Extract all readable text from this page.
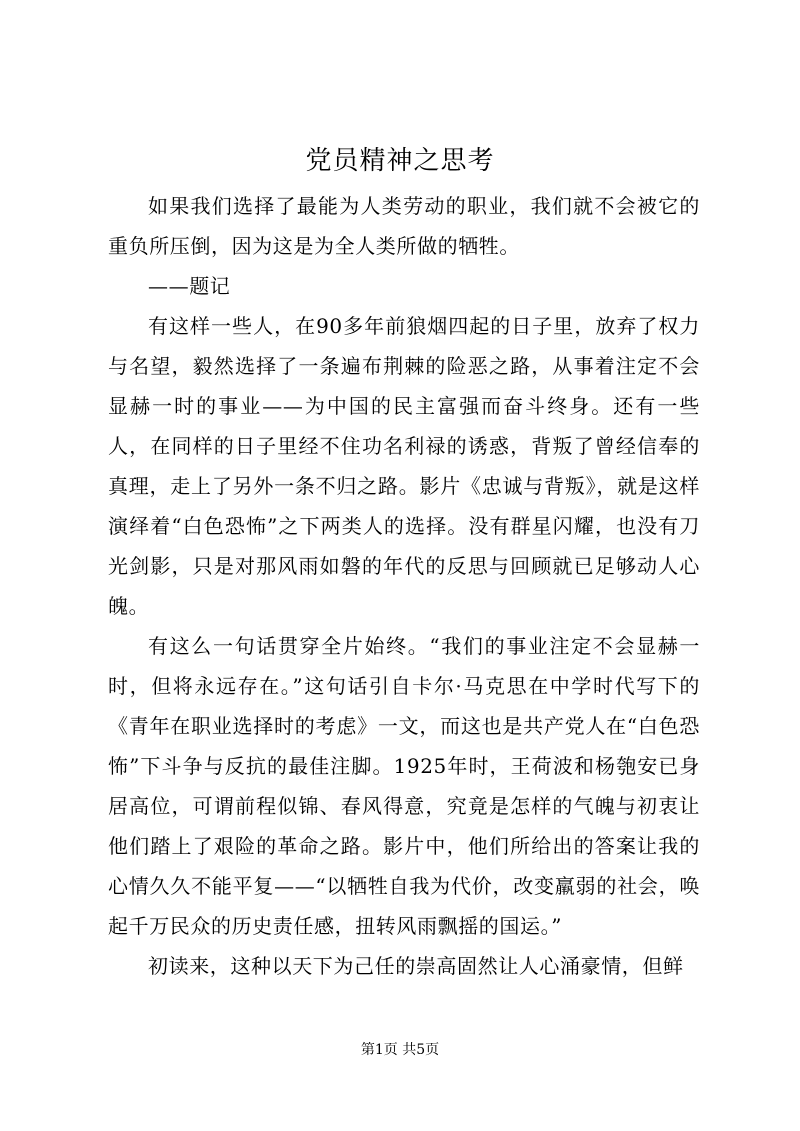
党员精神之思考

如果我们选择了最能为人类劳动的职业，我们就不会被它的重负所压倒，因为这是为全人类所做的牺牲。

——题记

有这样一些人，在90多年前狼烟四起的日子里，放弃了权力与名望，毅然选择了一条遍布荆棘的险恶之路，从事着注定不会显赫一时的事业——为中国的民主富强而奋斗终身。还有一些人，在同样的日子里经不住功名利禄的诱惑，背叛了曾经信奉的真理，走上了另外一条不归之路。影片《忠诚与背叛》，就是这样演绎着“白色恐怖”之下两类人的选择。没有群星闪耀，也没有刀光剑影，只是对那风雨如磐的年代的反思与回顾就已足够动人心魄。

有这么一句话贯穿全片始终。“我们的事业注定不会显赫一时，但将永远存在。”这句话引自卡尔·马克思在中学时代写下的《青年在职业选择时的考虑》一文，而这也是共产党人在“白色恐怖”下斗争与反抗的最佳注脚。1925年时，王荷波和杨匏安已身居高位，可谓前程似锦、春风得意，究竟是怎样的气魄与初衷让他们踏上了艰险的革命之路。影片中，他们所给出的答案让我的心情久久不能平复——“以牺牲自我为代价，改变羸弱的社会，唤起千万民众的历史责任感，扭转风雨飘摇的国运。”

初读来，这种以天下为己任的崇高固然让人心涌豪情，但鲜

第1页 共5页
